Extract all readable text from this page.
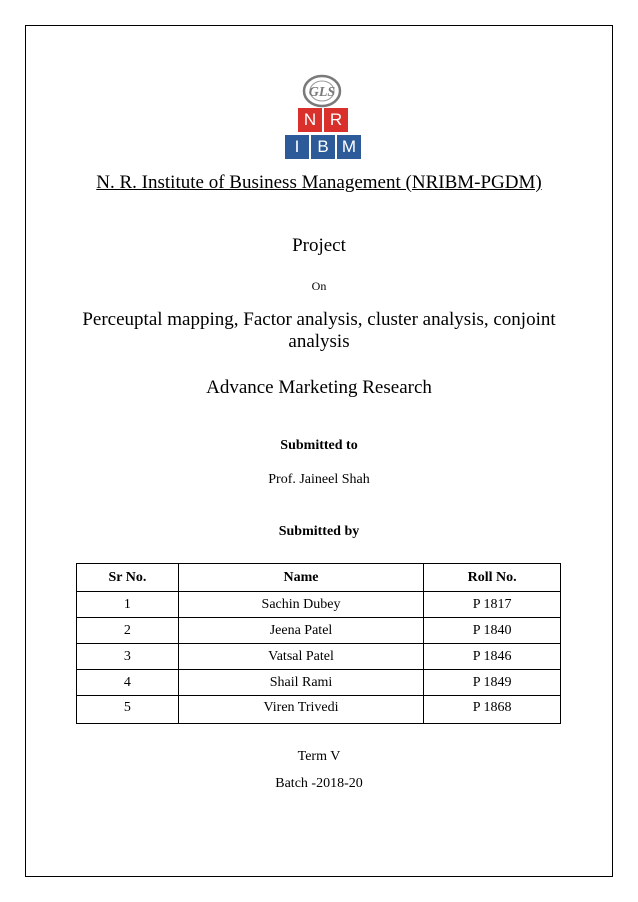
GLS
N R
I	B M
N. R. Institute of Business Management (NRIBM-PGDM)
Project
On
Perceuptal mapping, Factor analysis, cluster analysis, conjoint analysis
Advance Marketing Research
Submitted to
Prof. Jaineel Shah
Submitted by
Sr No.	Name	Roll No.
1	Sachin Dubey	P 1817
2	Jeena Patel	P 1840
3	Vatsal Patel	P 1846
4	Shail Rami	P 1849
5	Viren Trivedi	P 1868
Term V
Batch -2018-20
